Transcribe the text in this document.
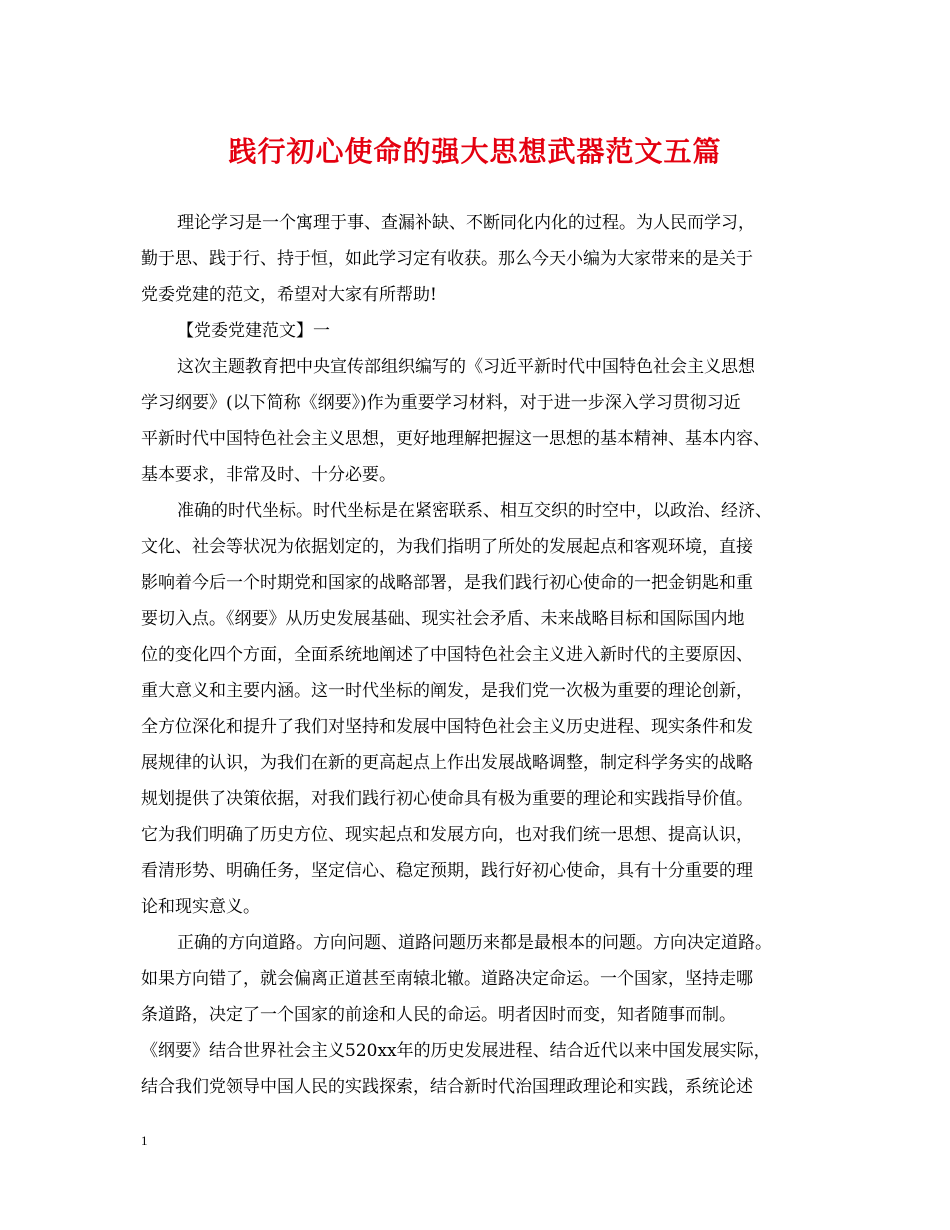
践行初心使命的强大思想武器范文五篇
理论学习是一个寓理于事、查漏补缺、不断同化内化的过程。为人民而学习，
勤于思、践于行、持于恒，如此学习定有收获。那么今天小编为大家带来的是关于
党委党建的范文，希望对大家有所帮助!
【党委党建范文】一
这次主题教育把中央宣传部组织编写的《习近平新时代中国特色社会主义思想
学习纲要》(以下简称《纲要》)作为重要学习材料，对于进一步深入学习贯彻习近
平新时代中国特色社会主义思想，更好地理解把握这一思想的基本精神、基本内容、
基本要求，非常及时、十分必要。
准确的时代坐标。时代坐标是在紧密联系、相互交织的时空中，以政治、经济、
文化、社会等状况为依据划定的，为我们指明了所处的发展起点和客观环境，直接
影响着今后一个时期党和国家的战略部署，是我们践行初心使命的一把金钥匙和重
要切入点。《纲要》从历史发展基础、现实社会矛盾、未来战略目标和国际国内地
位的变化四个方面，全面系统地阐述了中国特色社会主义进入新时代的主要原因、
重大意义和主要内涵。这一时代坐标的阐发，是我们党一次极为重要的理论创新，
全方位深化和提升了我们对坚持和发展中国特色社会主义历史进程、现实条件和发
展规律的认识，为我们在新的更高起点上作出发展战略调整，制定科学务实的战略
规划提供了决策依据，对我们践行初心使命具有极为重要的理论和实践指导价值。
它为我们明确了历史方位、现实起点和发展方向，也对我们统一思想、提高认识，
看清形势、明确任务，坚定信心、稳定预期，践行好初心使命，具有十分重要的理
论和现实意义。
正确的方向道路。方向问题、道路问题历来都是最根本的问题。方向决定道路。
如果方向错了，就会偏离正道甚至南辕北辙。道路决定命运。一个国家，坚持走哪
条道路，决定了一个国家的前途和人民的命运。明者因时而变，知者随事而制。
《纲要》结合世界社会主义520xx年的历史发展进程、结合近代以来中国发展实际，
结合我们党领导中国人民的实践探索，结合新时代治国理政理论和实践，系统论述
1
